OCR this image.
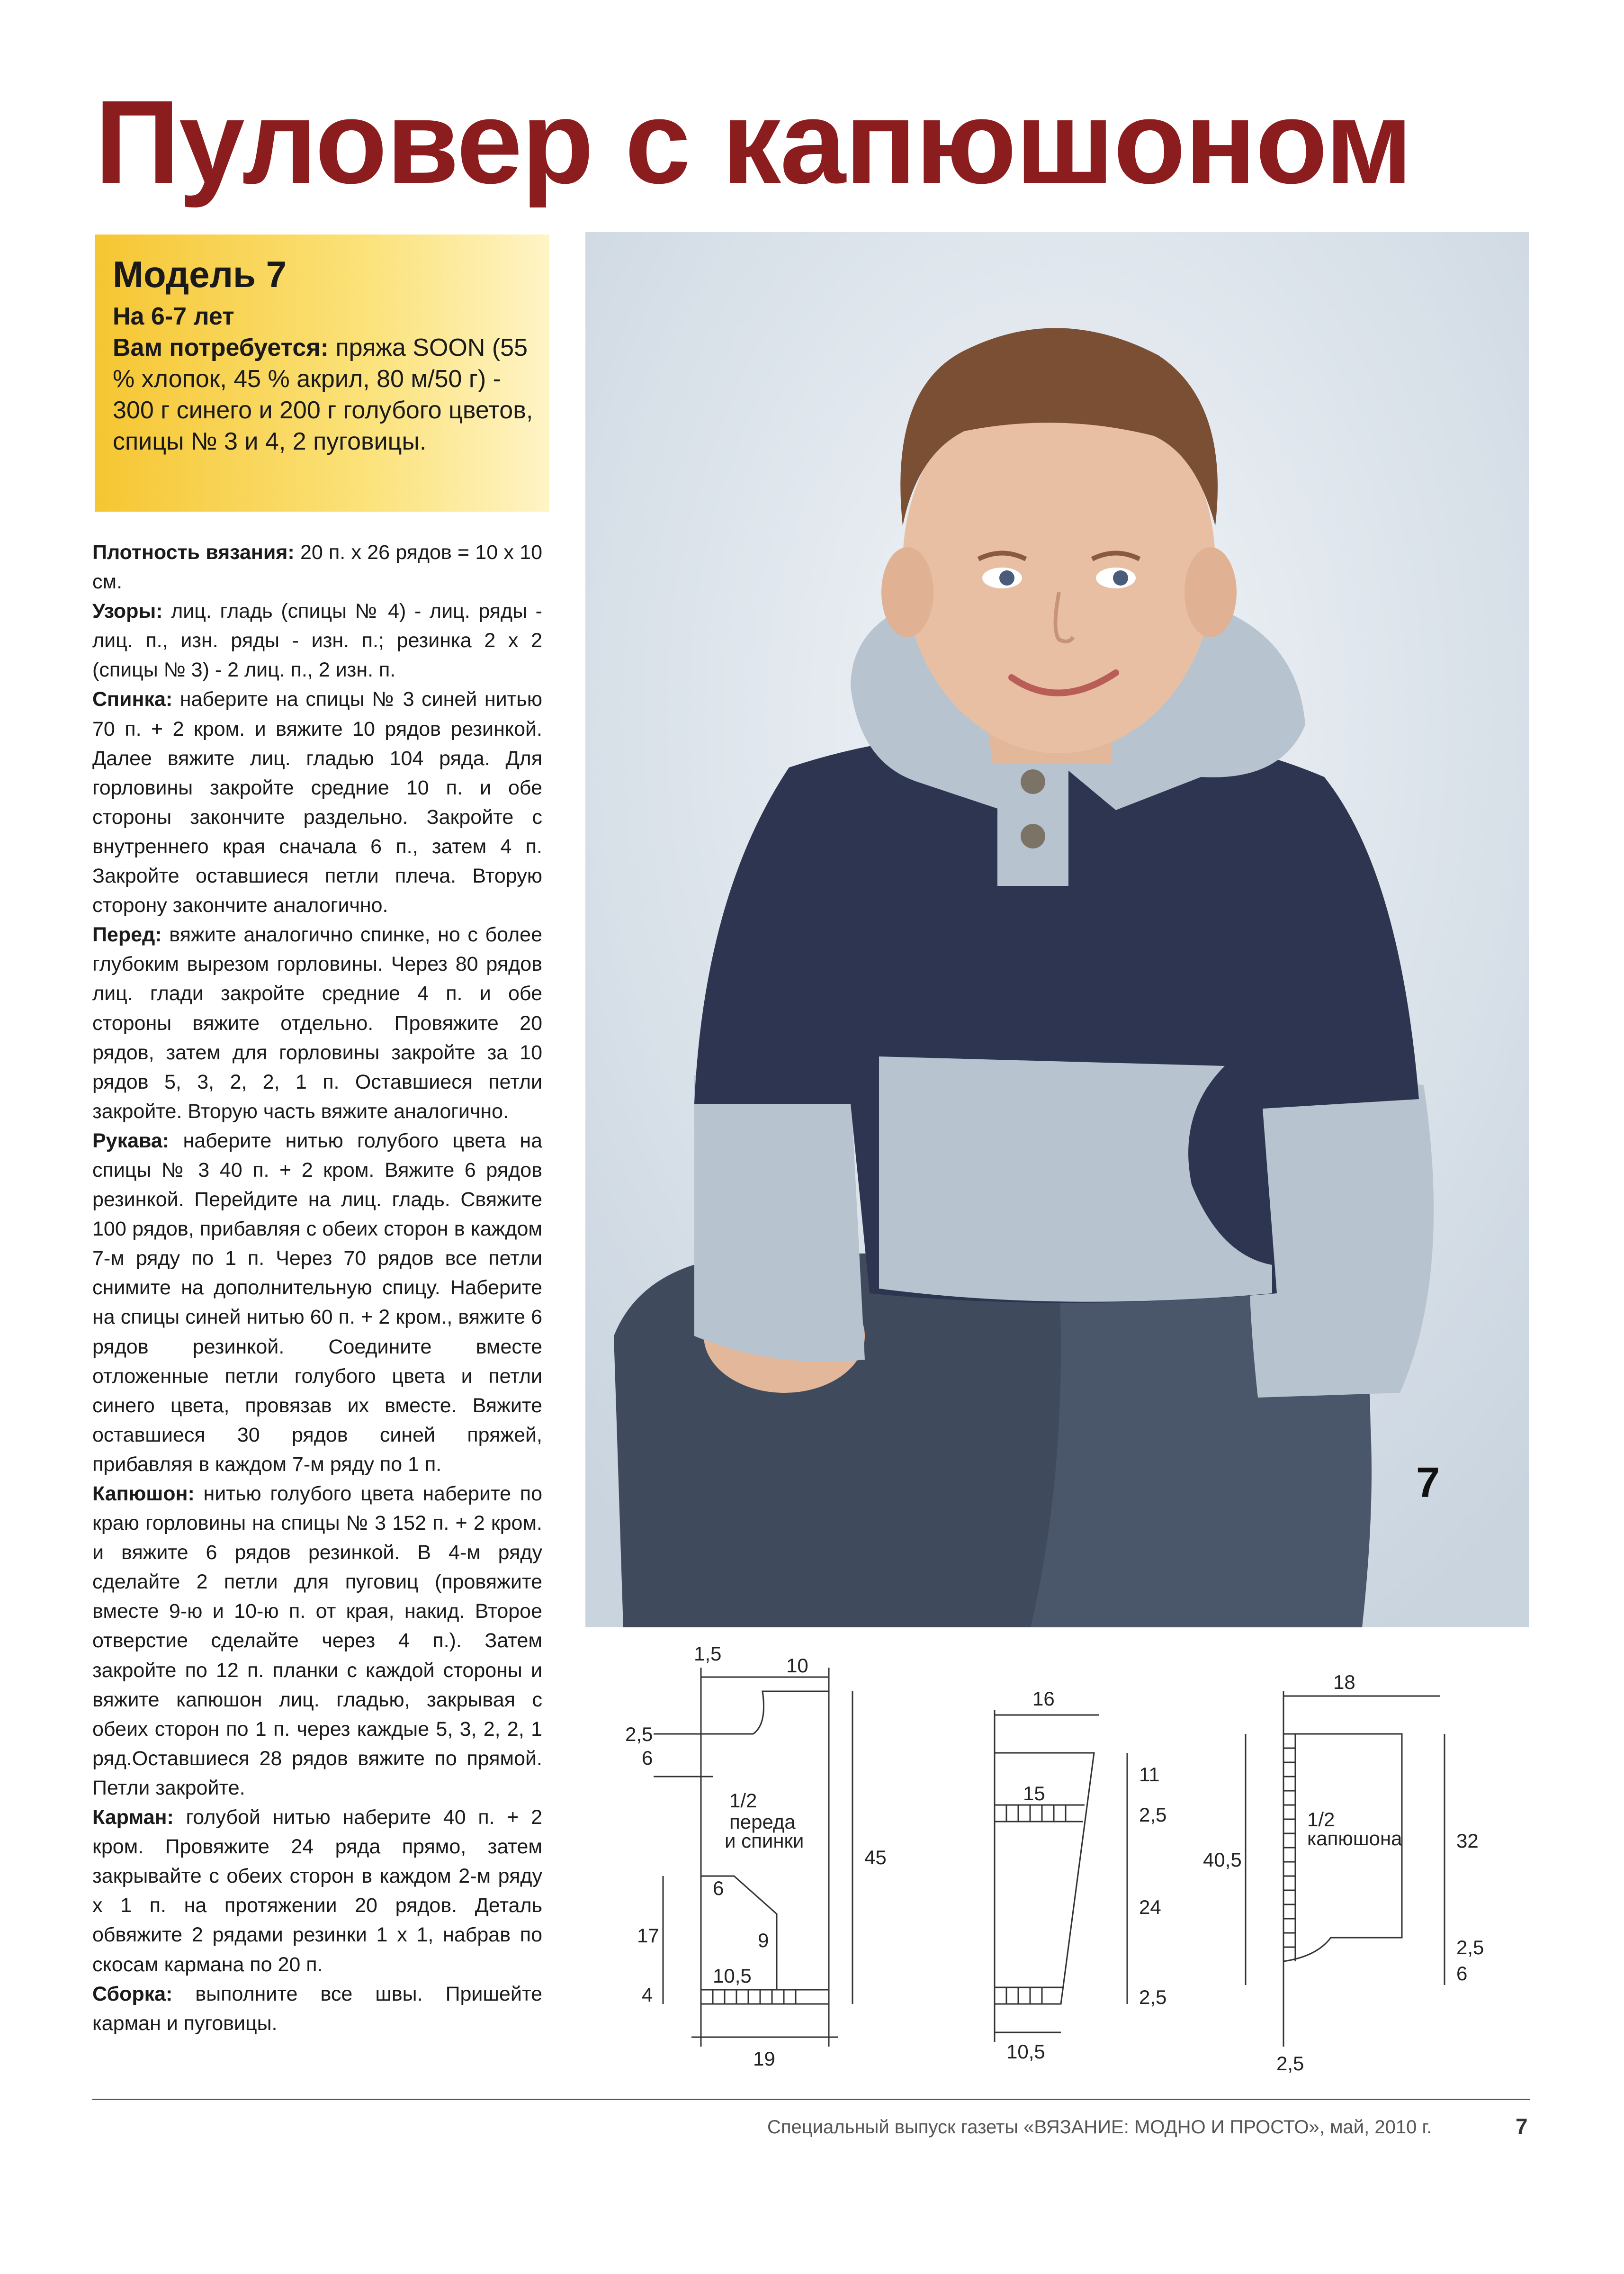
Пуловер с капюшоном
Модель 7

На 6-7 лет
Вам потребуется: пряжа SOON (55 % хлопок, 45 % акрил, 80 м/50 г) - 300 г синего и 200 г голубого цветов, спицы № 3 и 4, 2 пуговицы.

Плотность вязания: 20 п. х 26 рядов = 10 х 10 см.

Узоры: лиц. гладь (спицы № 4) - лиц. ряды - лиц. п., изн. ряды - изн. п.; резинка 2 х 2 (спицы № 3) - 2 лиц. п., 2 изн. п.

Спинка: наберите на спицы № 3 синей нитью 70 п. + 2 кром. и вяжите 10 рядов резинкой. Далее вяжите лиц. гладью 104 ряда. Для горловины закройте средние 10 п. и обе стороны закончите раздельно. Закройте с внутреннего края сначала 6 п., затем 4 п. Закройте оставшиеся петли плеча. Вторую сторону закончите аналогично.

Перед: вяжите аналогично спинке, но с более глубоким вырезом горловины. Через 80 рядов лиц. глади закройте средние 4 п. и обе стороны вяжите отдельно. Провяжите 20 рядов, затем для горловины закройте за 10 рядов 5, 3, 2, 2, 1 п. Оставшиеся петли закройте. Вторую часть вяжите аналогично.

Рукава: наберите нитью голубого цвета на спицы № 3 40 п. + 2 кром. Вяжите 6 рядов резинкой. Перейдите на лиц. гладь. Свяжите 100 рядов, прибавляя с обеих сторон в каждом 7-м ряду по 1 п. Через 70 рядов все петли снимите на дополнительную спицу. Наберите на спицы синей нитью 60 п. + 2 кром., вяжите 6 рядов резинкой. Соедините вместе отложенные петли голубого цвета и петли синего цвета, провязав их вместе. Вяжите оставшиеся 30 рядов синей пряжей, прибавляя в каждом 7-м ряду по 1 п.

Капюшон: нитью голубого цвета наберите по краю горловины на спицы № 3 152 п. + 2 кром. и вяжите 6 рядов резинкой. В 4-м ряду сделайте 2 петли для пуговиц (провяжите вместе 9-ю и 10-ю п. от края, накид. Второе отверстие сделайте через 4 п.). Затем закройте по 12 п. планки с каждой стороны и вяжите капюшон лиц. гладью, закрывая с обеих сторон по 1 п. через каждые 5, 3, 2, 2, 1 ряд.Оставшиеся 28 рядов вяжите по прямой. Петли закройте.

Карман: голубой нитью наберите 40 п. + 2 кром. Провяжите 24 ряда прямо, затем закрывайте с обеих сторон в каждом 2-м ряду х 1 п. на протяжении 20 рядов. Деталь обвяжите 2 рядами резинки 1 х 1, набрав по скосам кармана по 20 п.

Сборка: выполните все швы. Пришейте карман и пуговицы.

7
1,5
10
2,5
6
1/2
переда
и спинки
45
6
9
10,5
17
4
19
16
11
15
2,5
24
2,5
10,5
18
40,5
1/2
капюшона	32
2,5
6
2,5
Специальный выпуск газеты «ВЯЗАНИЕ: МОДНО И ПРОСТО», май, 2010 г.	7
